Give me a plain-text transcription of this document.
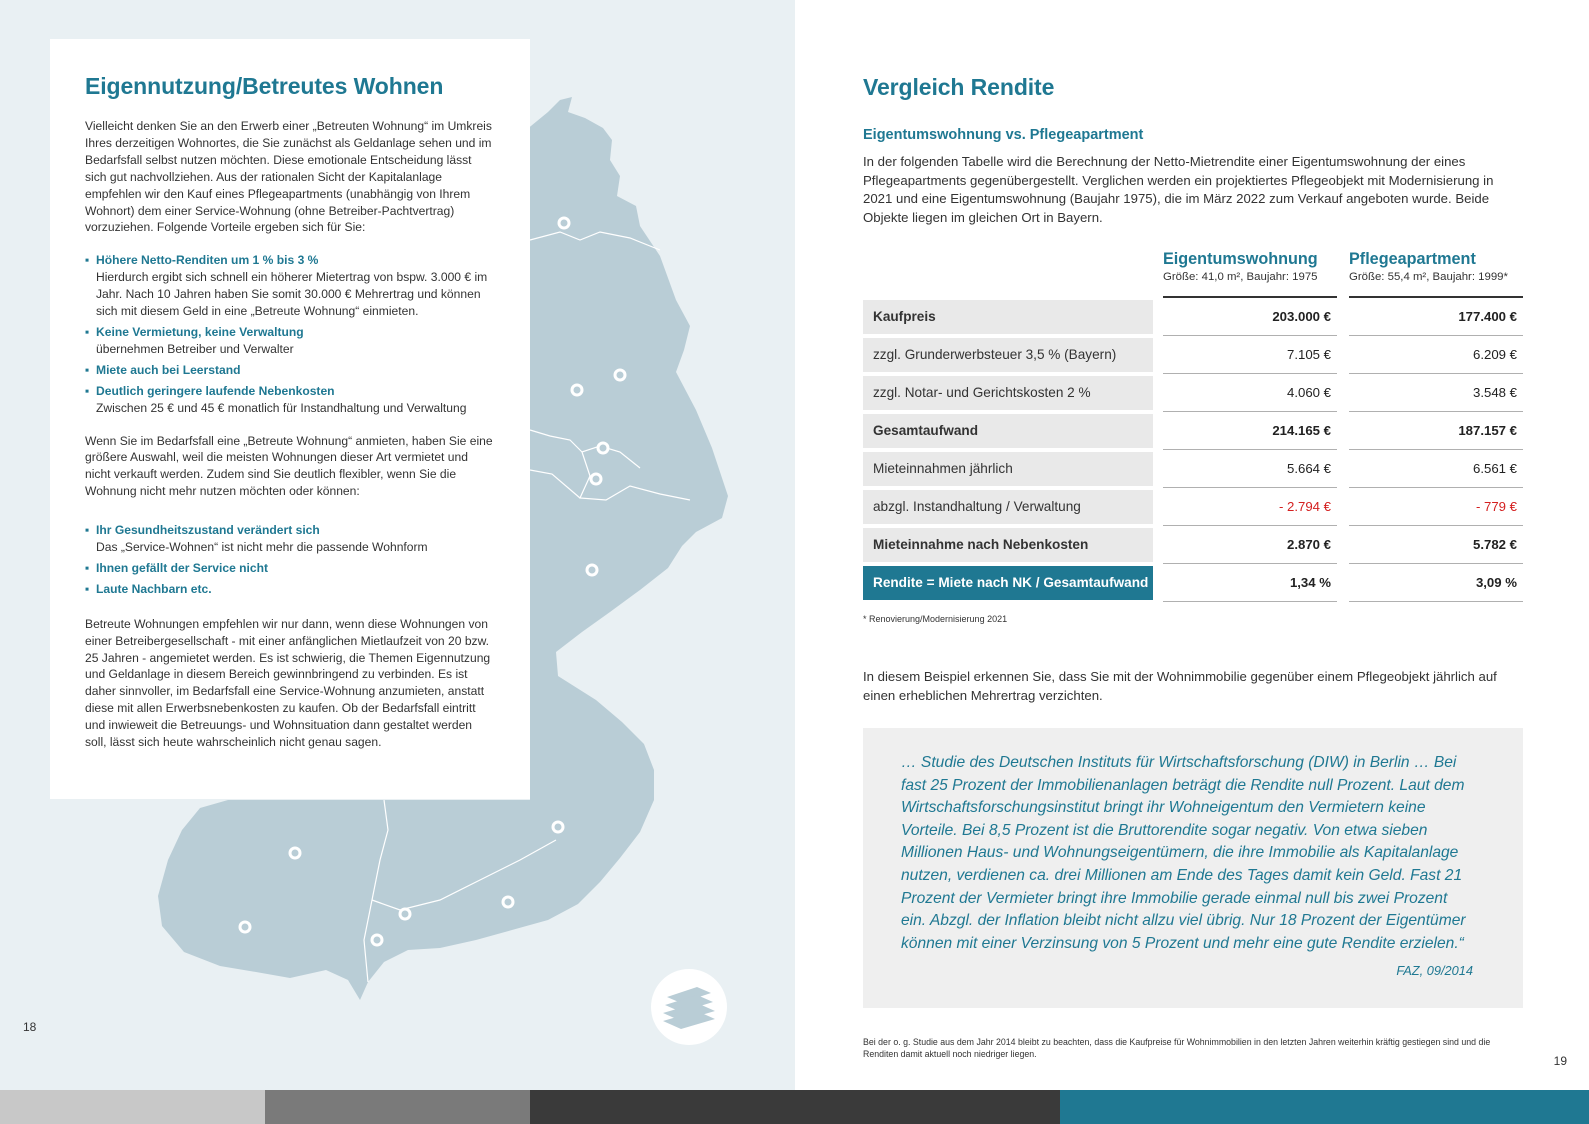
Eigennutzung/Betreutes Wohnen

Vielleicht denken Sie an den Erwerb einer „Betreuten Wohnung“ im Umkreis Ihres derzeitigen Wohnortes, die Sie zunächst als Geldanlage sehen und im Bedarfsfall selbst nutzen möchten. Diese emotionale Entscheidung lässt sich gut nachvollziehen. Aus der rationalen Sicht der Kapitalanlage empfehlen wir den Kauf eines Pflegeapartments (unabhängig von Ihrem Wohnort) dem einer Service-Wohnung (ohne Betreiber-Pachtvertrag) vorzuziehen. Folgende Vorteile ergeben sich für Sie:

▪ Höhere Netto-Renditen um 1 % bis 3 %
Hierdurch ergibt sich schnell ein höherer Mietertrag von bspw. 3.000 € im Jahr. Nach 10 Jahren haben Sie somit 30.000 € Mehrertrag und können sich mit diesem Geld in eine „Betreute Wohnung“ einmieten.
▪ Keine Vermietung, keine Verwaltung
übernehmen Betreiber und Verwalter
▪ Miete auch bei Leerstand
▪ Deutlich geringere laufende Nebenkosten
Zwischen 25 € und 45 € monatlich für Instandhaltung und Verwaltung

Wenn Sie im Bedarfsfall eine „Betreute Wohnung“ anmieten, haben Sie eine größere Auswahl, weil die meisten Wohnungen dieser Art vermietet und nicht verkauft werden. Zudem sind Sie deutlich flexibler, wenn Sie die Wohnung nicht mehr nutzen möchten oder können:

▪ Ihr Gesundheitszustand verändert sich
Das „Service-Wohnen“ ist nicht mehr die passende Wohnform
▪ Ihnen gefällt der Service nicht
▪ Laute Nachbarn etc.

Betreute Wohnungen empfehlen wir nur dann, wenn diese Wohnungen von einer Betreibergesellschaft - mit einer anfänglichen Mietlaufzeit von 20 bzw. 25 Jahren - angemietet werden. Es ist schwierig, die Themen Eigennutzung und Geldanlage in diesem Bereich gewinnbringend zu verbinden. Es ist daher sinnvoller, im Bedarfsfall eine Service-Wohnung anzumieten, anstatt diese mit allen Erwerbsnebenkosten zu kaufen. Ob der Bedarfsfall eintritt und inwieweit die Betreuungs- und Wohnsituation dann gestaltet werden soll, lässt sich heute wahrscheinlich nicht genau sagen.

18
Vergleich Rendite
Eigentumswohnung vs. Pflegeapartment

In der folgenden Tabelle wird die Berechnung der Netto-Mietrendite einer Eigentumswohnung der eines Pflegeapartments gegenübergestellt. Verglichen werden ein projektiertes Pflegeobjekt mit Modernisierung in 2021 und eine Eigentumswohnung (Baujahr 1975), die im März 2022 zum Verkauf angeboten wurde. Beide Objekte liegen im gleichen Ort in Bayern.

Eigentumswohnung
Größe: 41,0 m², Baujahr: 1975
Pflegeapartment
Größe: 55,4 m², Baujahr: 1999*
Kaufpreis	203.000 €	177.400 €
zzgl. Grunderwerbsteuer 3,5 % (Bayern)	7.105 €	6.209 €
zzgl. Notar- und Gerichtskosten 2 %	4.060 €	3.548 €
Gesamtaufwand	214.165 €	187.157 €
Mieteinnahmen jährlich	5.664 €	6.561 €
abzgl. Instandhaltung / Verwaltung	- 2.794 €	- 779 €
Mieteinnahme nach Nebenkosten	2.870 €	5.782 €
Rendite = Miete nach NK / Gesamtaufwand	1,34 %	3,09 %
* Renovierung/Modernisierung 2021

In diesem Beispiel erkennen Sie, dass Sie mit der Wohnimmobilie gegenüber einem Pflegeobjekt jährlich auf einen erheblichen Mehrertrag verzichten.

… Studie des Deutschen Instituts für Wirtschaftsforschung (DIW) in Berlin … Bei fast 25 Prozent der Immobilienanlagen beträgt die Rendite null Prozent. Laut dem Wirtschaftsforschungsinstitut bringt ihr Wohneigentum den Vermietern keine Vorteile. Bei 8,5 Prozent ist die Bruttorendite sogar negativ. Von etwa sieben Millionen Haus- und Wohnungseigentümern, die ihre Immobilie als Kapitalanlage nutzen, verdienen ca. drei Millionen am Ende des Tages damit kein Geld. Fast 21 Prozent der Vermieter bringt ihre Immobilie gerade einmal null bis zwei Prozent ein. Abzgl. der Inflation bleibt nicht allzu viel übrig. Nur 18 Prozent der Eigentümer können mit einer Verzinsung von 5 Prozent und mehr eine gute Rendite erzielen.“

FAZ, 09/2014

Bei der o. g. Studie aus dem Jahr 2014 bleibt zu beachten, dass die Kaufpreise für Wohnimmobilien in den letzten Jahren weiterhin kräftig gestiegen sind und die Renditen damit aktuell noch niedriger liegen.

19
